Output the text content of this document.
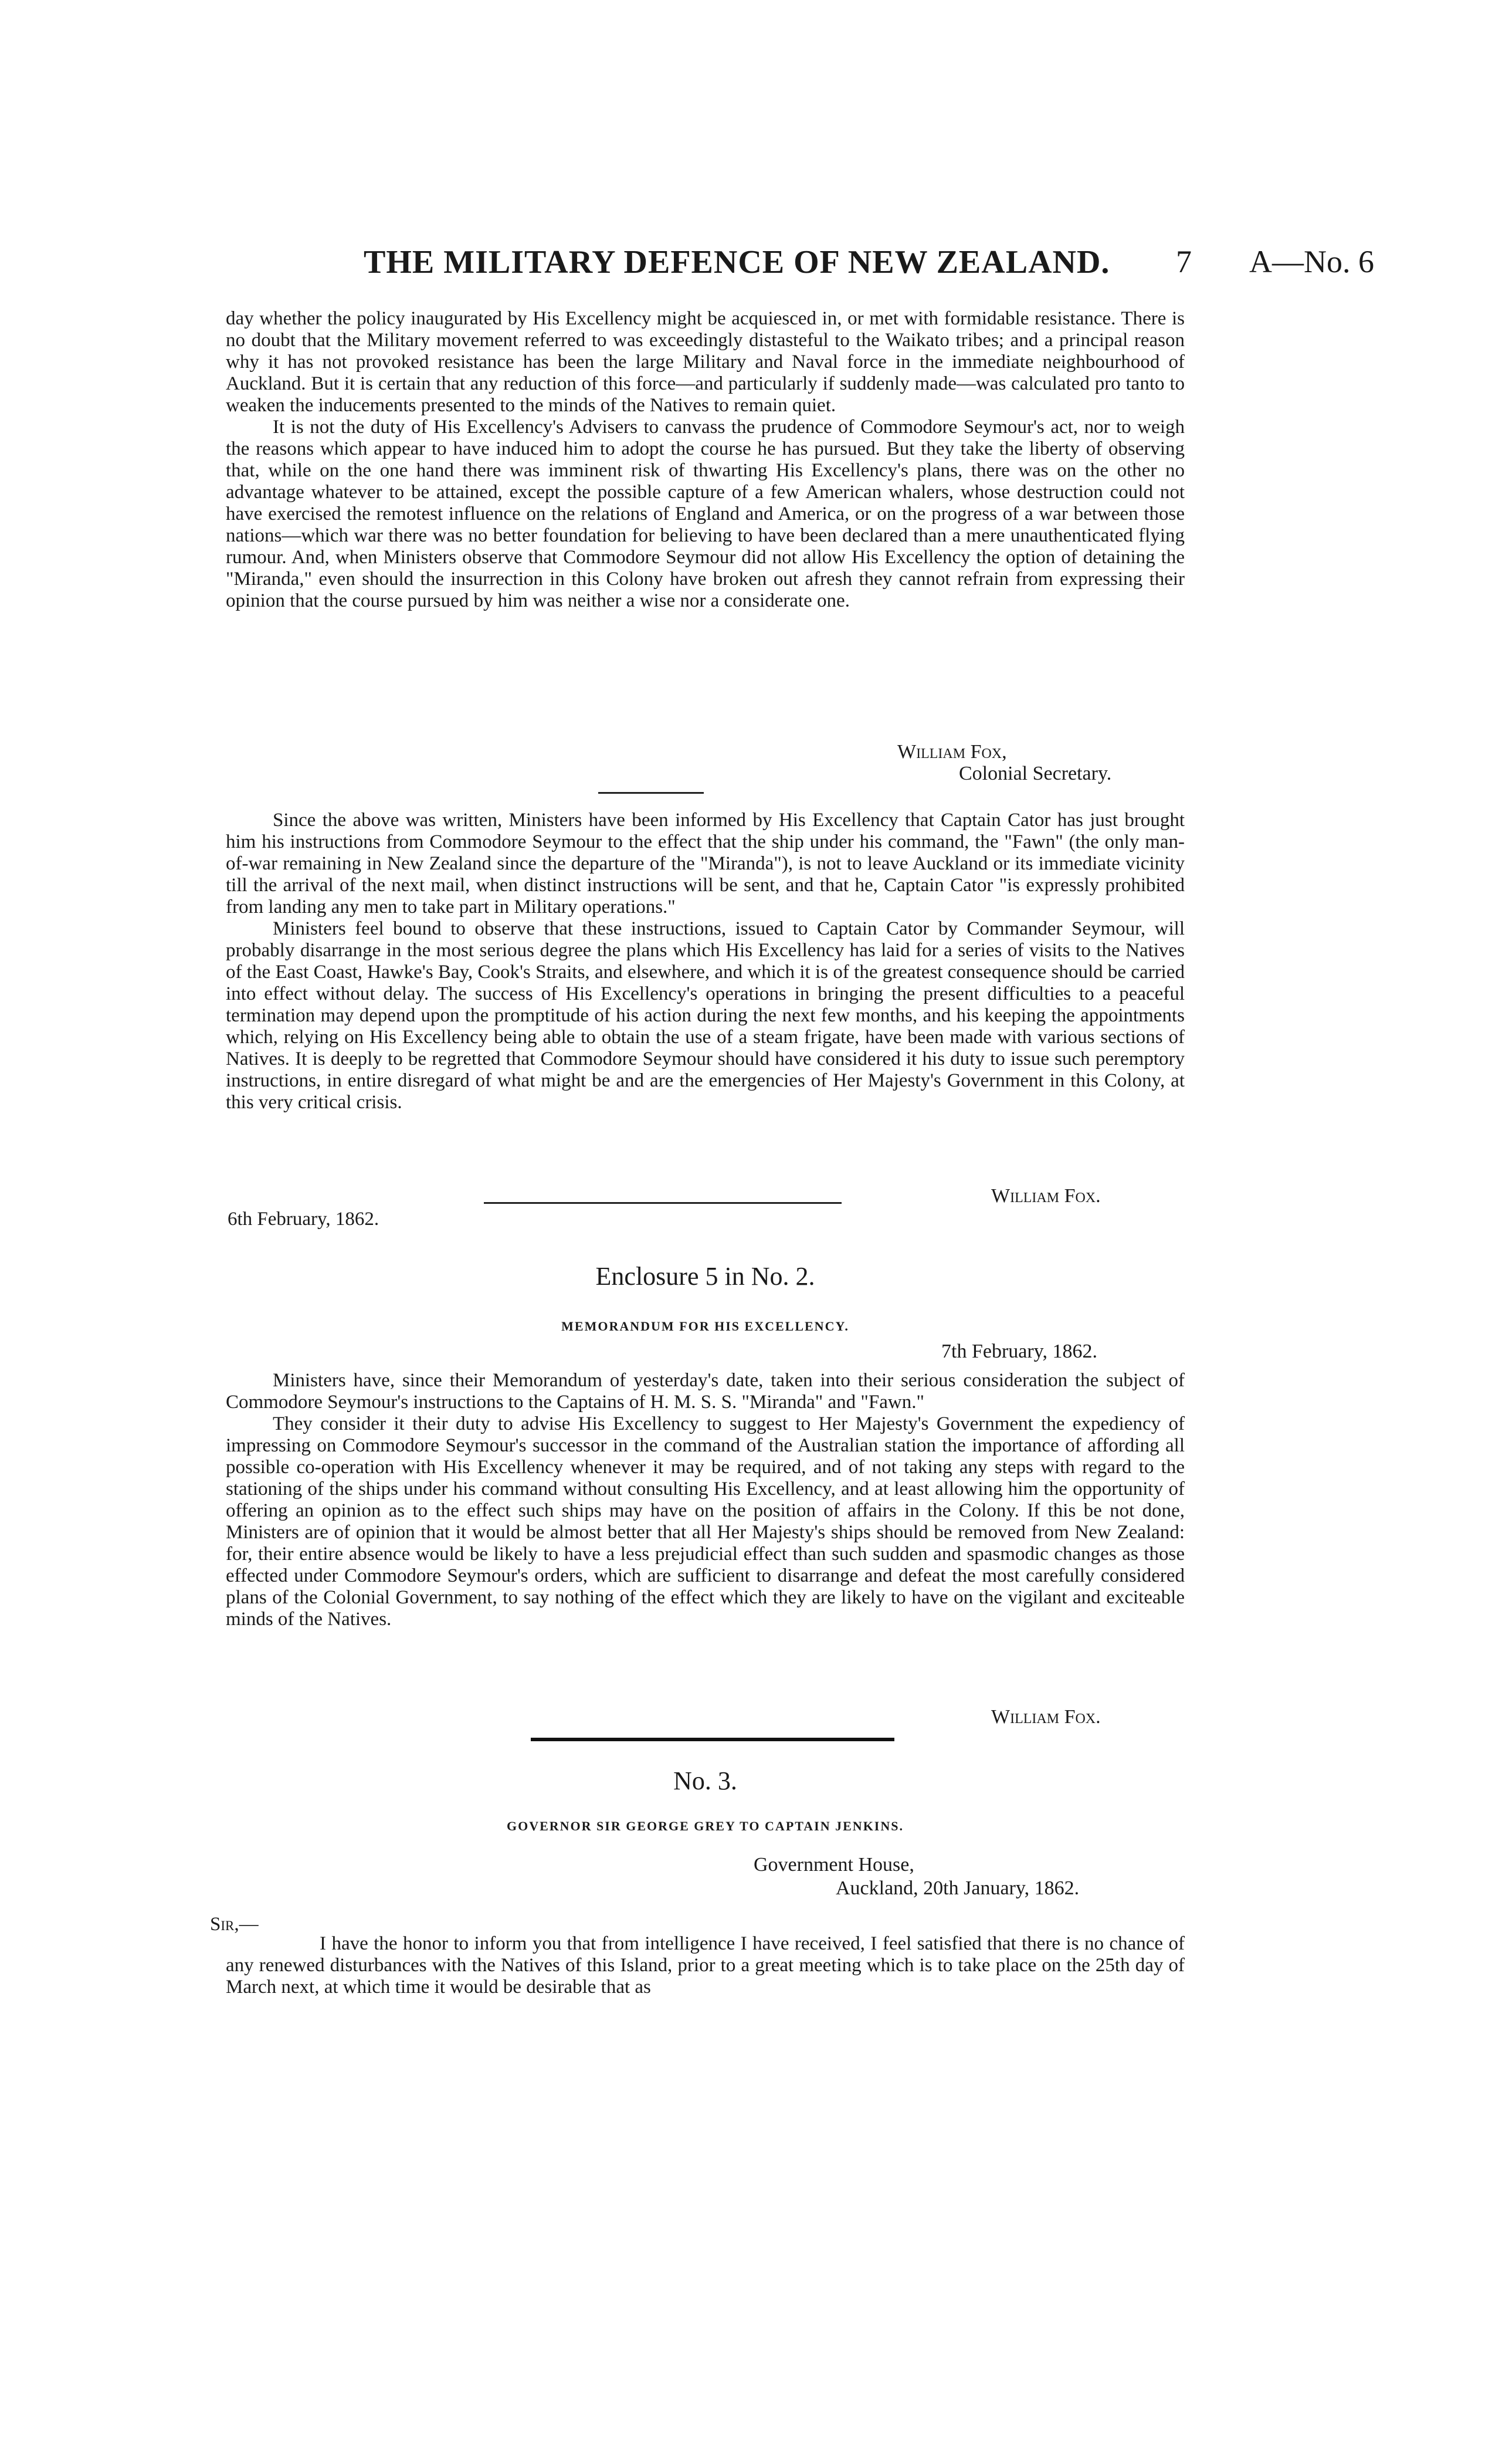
THE MILITARY DEFENCE OF NEW ZEALAND. 7 A—No. 6

day whether the policy inaugurated by His Excellency might be acquiesced in, or met with formidable resistance. There is no doubt that the Military movement referred to was exceedingly distasteful to the Waikato tribes; and a principal reason why it has not provoked resistance has been the large Military and Naval force in the immediate neighbourhood of Auckland. But it is certain that any reduction of this force—and particularly if suddenly made—was calculated pro tanto to weaken the inducements presented to the minds of the Natives to remain quiet.

It is not the duty of His Excellency's Advisers to canvass the prudence of Commodore Seymour's act, nor to weigh the reasons which appear to have induced him to adopt the course he has pursued. But they take the liberty of observing that, while on the one hand there was imminent risk of thwarting His Excellency's plans, there was on the other no advantage whatever to be attained, except the possible capture of a few American whalers, whose destruction could not have exercised the remotest influence on the relations of England and America, or on the progress of a war between those nations—which war there was no better foundation for believing to have been declared than a mere unauthenticated flying rumour. And, when Ministers observe that Commodore Seymour did not allow His Excellency the option of detaining the "Miranda," even should the insurrection in this Colony have broken out afresh they cannot refrain from expressing their opinion that the course pursued by him was neither a wise nor a considerate one.

William Fox,
Colonial Secretary.

Since the above was written, Ministers have been informed by His Excellency that Captain Cator has just brought him his instructions from Commodore Seymour to the effect that the ship under his command, the "Fawn" (the only man-of-war remaining in New Zealand since the departure of the "Miranda"), is not to leave Auckland or its immediate vicinity till the arrival of the next mail, when distinct instructions will be sent, and that he, Captain Cator "is expressly prohibited from landing any men to take part in Military operations."

Ministers feel bound to observe that these instructions, issued to Captain Cator by Commander Seymour, will probably disarrange in the most serious degree the plans which His Excellency has laid for a series of visits to the Natives of the East Coast, Hawke's Bay, Cook's Straits, and elsewhere, and which it is of the greatest consequence should be carried into effect without delay. The success of His Excellency's operations in bringing the present difficulties to a peaceful termination may depend upon the promptitude of his action during the next few months, and his keeping the appointments which, relying on His Excellency being able to obtain the use of a steam frigate, have been made with various sections of Natives. It is deeply to be regretted that Commodore Seymour should have considered it his duty to issue such peremptory instructions, in entire disregard of what might be and are the emergencies of Her Majesty's Government in this Colony, at this very critical crisis.

William Fox.
6th February, 1862.
Enclosure 5 in No. 2.
MEMORANDUM FOR HIS EXCELLENCY.
7th February, 1862.

Ministers have, since their Memorandum of yesterday's date, taken into their serious consideration the subject of Commodore Seymour's instructions to the Captains of H. M. S. S. "Miranda" and "Fawn."

They consider it their duty to advise His Excellency to suggest to Her Majesty's Government the expediency of impressing on Commodore Seymour's successor in the command of the Australian station the importance of affording all possible co-operation with His Excellency whenever it may be required, and of not taking any steps with regard to the stationing of the ships under his command without consulting His Excellency, and at least allowing him the opportunity of offering an opinion as to the effect such ships may have on the position of affairs in the Colony. If this be not done, Ministers are of opinion that it would be almost better that all Her Majesty's ships should be removed from New Zealand: for, their entire absence would be likely to have a less prejudicial effect than such sudden and spasmodic changes as those effected under Commodore Seymour's orders, which are sufficient to disarrange and defeat the most carefully considered plans of the Colonial Government, to say nothing of the effect which they are likely to have on the vigilant and exciteable minds of the Natives.

William Fox.
No. 3.
GOVERNOR SIR GEORGE GREY TO CAPTAIN JENKINS.
Government House,
Auckland, 20th January, 1862.
Sir,—

I have the honor to inform you that from intelligence I have received, I feel satisfied that there is no chance of any renewed disturbances with the Natives of this Island, prior to a great meeting which is to take place on the 25th day of March next, at which time it would be desirable that as
